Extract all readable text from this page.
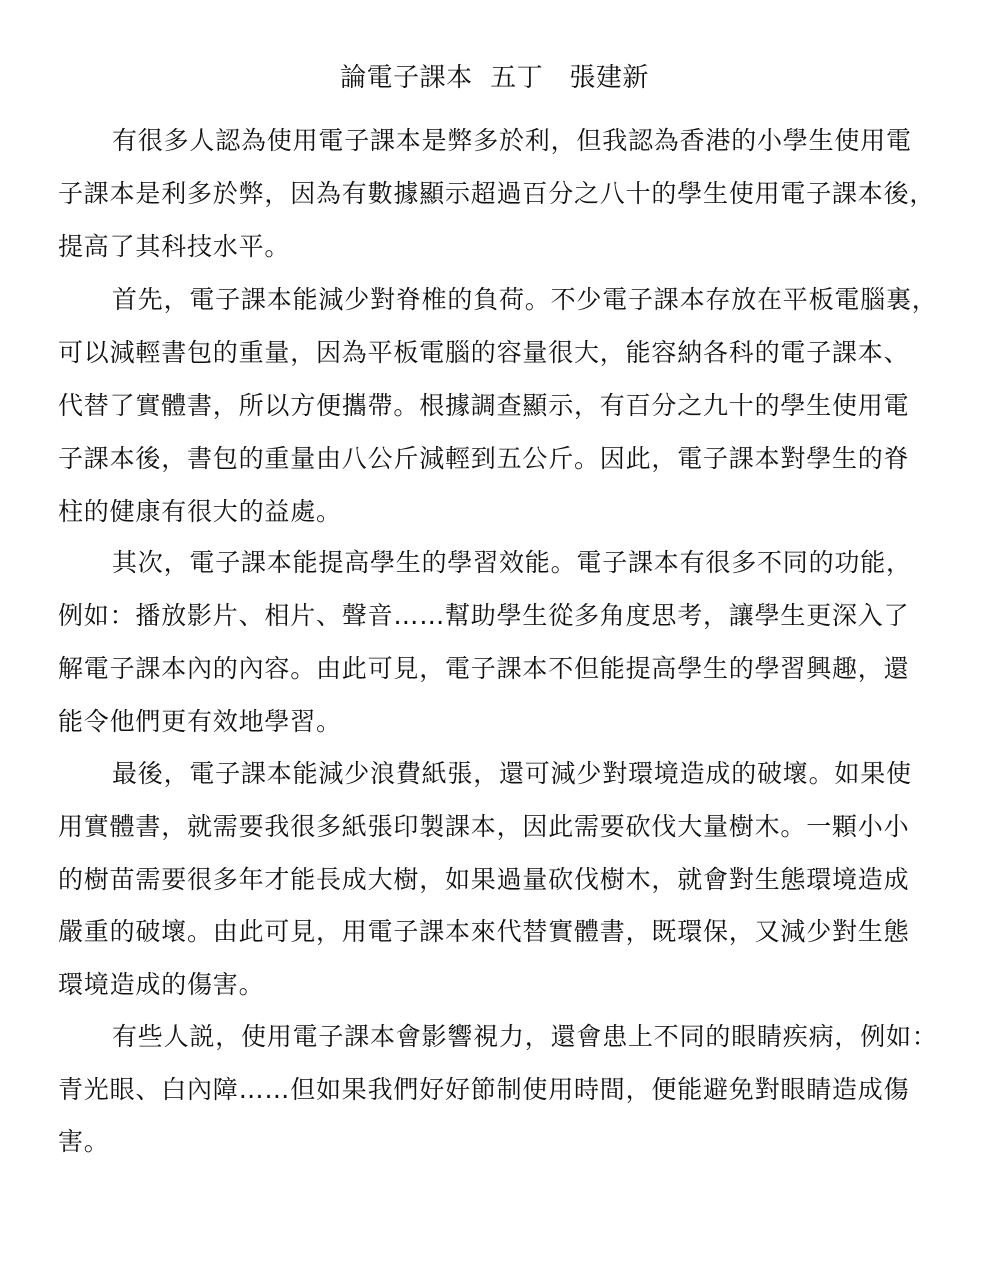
論電子課本  五丁   張建新
有很多人認為使用電子課本是弊多於利，但我認為香港的小學生使用電
子課本是利多於弊，因為有數據顯示超過百分之八十的學生使用電子課本後，
提高了其科技水平。
首先，電子課本能減少對脊椎的負荷。不少電子課本存放在平板電腦裏，
可以減輕書包的重量，因為平板電腦的容量很大，能容納各科的電子課本、
代替了實體書，所以方便攜帶。根據調查顯示，有百分之九十的學生使用電
子課本後，書包的重量由八公斤減輕到五公斤。因此，電子課本對學生的脊
柱的健康有很大的益處。
其次，電子課本能提高學生的學習效能。電子課本有很多不同的功能，
例如：播放影片、相片、聲音……幫助學生從多角度思考，讓學生更深入了
解電子課本內的內容。由此可見，電子課本不但能提高學生的學習興趣，還
能令他們更有效地學習。
最後，電子課本能減少浪費紙張，還可減少對環境造成的破壞。如果使
用實體書，就需要我很多紙張印製課本，因此需要砍伐大量樹木。一顆小小
的樹苗需要很多年才能長成大樹，如果過量砍伐樹木，就會對生態環境造成
嚴重的破壞。由此可見，用電子課本來代替實體書，既環保，又減少對生態
環境造成的傷害。
有些人説，使用電子課本會影響視力，還會患上不同的眼睛疾病，例如：
青光眼、白內障……但如果我們好好節制使用時間，便能避免對眼睛造成傷
害。
